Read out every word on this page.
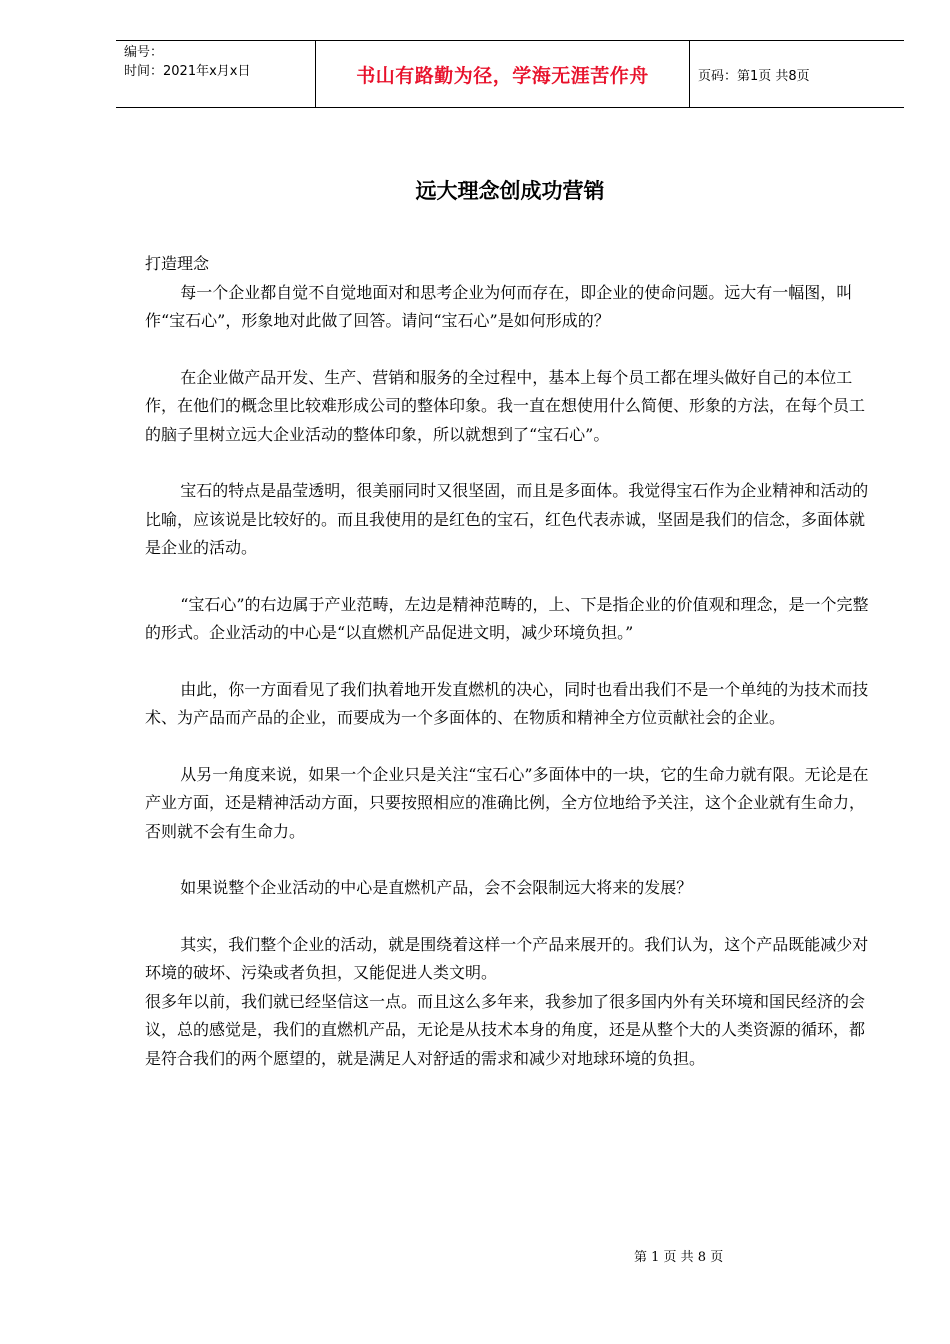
编号：
时间：2021年x月x日	书山有路勤为径，学海无涯苦作舟	页码：第1页 共8页
远大理念创成功营销

打造理念

每一个企业都自觉不自觉地面对和思考企业为何而存在，即企业的使命问题。远大有一幅图，叫作“宝石心”，形象地对此做了回答。请问“宝石心”是如何形成的？

在企业做产品开发、生产、营销和服务的全过程中，基本上每个员工都在埋头做好自己的本位工作，在他们的概念里比较难形成公司的整体印象。我一直在想使用什么简便、形象的方法，在每个员工的脑子里树立远大企业活动的整体印象，所以就想到了“宝石心”。

宝石的特点是晶莹透明，很美丽同时又很坚固，而且是多面体。我觉得宝石作为企业精神和活动的比喻，应该说是比较好的。而且我使用的是红色的宝石，红色代表赤诚，坚固是我们的信念，多面体就是企业的活动。

“宝石心”的右边属于产业范畴，左边是精神范畴的，上、下是指企业的价值观和理念，是一个完整的形式。企业活动的中心是“以直燃机产品促进文明，减少环境负担。”

由此，你一方面看见了我们执着地开发直燃机的决心，同时也看出我们不是一个单纯的为技术而技术、为产品而产品的企业，而要成为一个多面体的、在物质和精神全方位贡献社会的企业。

从另一角度来说，如果一个企业只是关注“宝石心”多面体中的一块，它的生命力就有限。无论是在产业方面，还是精神活动方面，只要按照相应的准确比例，全方位地给予关注，这个企业就有生命力，否则就不会有生命力。

如果说整个企业活动的中心是直燃机产品，会不会限制远大将来的发展？

其实，我们整个企业的活动，就是围绕着这样一个产品来展开的。我们认为，这个产品既能减少对环境的破坏、污染或者负担，又能促进人类文明。

很多年以前，我们就已经坚信这一点。而且这么多年来，我参加了很多国内外有关环境和国民经济的会议，总的感觉是，我们的直燃机产品，无论是从技术本身的角度，还是从整个大的人类资源的循环，都是符合我们的两个愿望的，就是满足人对舒适的需求和减少对地球环境的负担。

第 1 页 共 8 页
